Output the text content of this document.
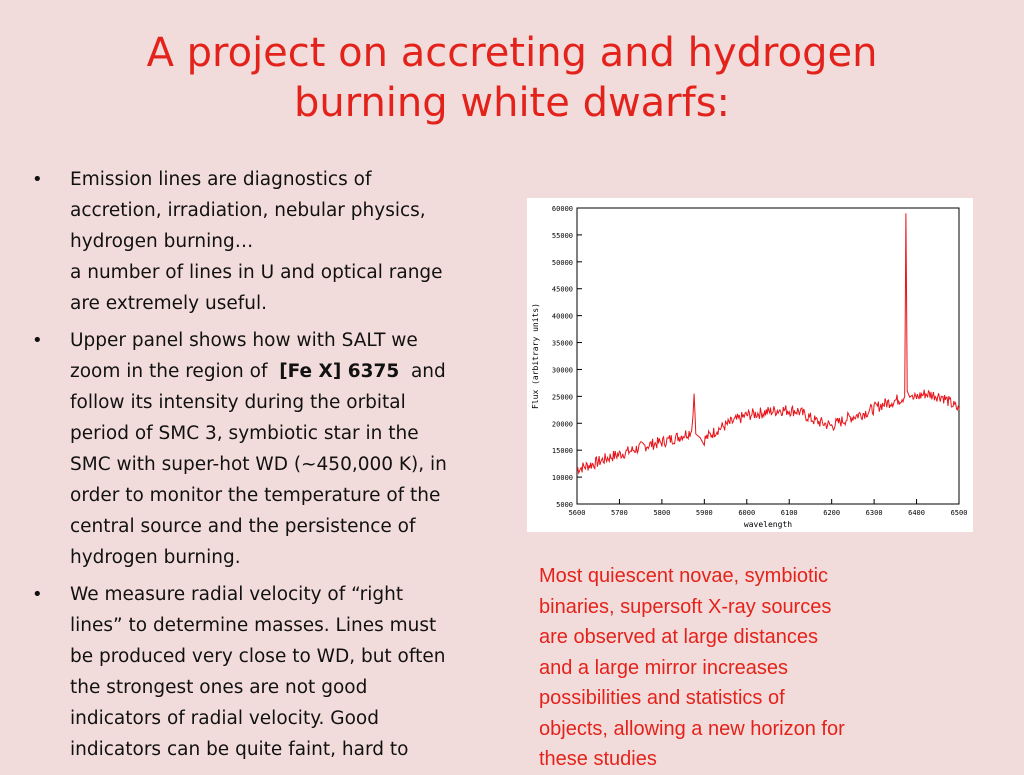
A project on accreting and hydrogen
burning white dwarfs:
• Emission lines are diagnostics of
accretion, irradiation, nebular physics,
hydrogen burning…
a number of lines in U and optical range
are extremely useful.
• Upper panel shows how with SALT we
zoom in the region of  [Fe X] 6375  and
follow its intensity during the orbital
period of SMC 3, symbiotic star in the
SMC with super-hot WD (~450,000 K), in
order to monitor the temperature of the
central source and the persistence of
hydrogen burning.
• We measure radial velocity of “right
lines” to determine masses. Lines must
be produced very close to WD, but often
the strongest ones are not good
indicators of radial velocity. Good
indicators can be quite faint, hard to
5000
10000
15000
20000
25000
30000
35000
40000
45000
50000
55000
60000
5600	5700	5800	5900	6000	6100	6200	6300	6400	6500
wavelength
Flux (arbitrary units)
Most quiescent novae, symbiotic
binaries, supersoft X-ray sources
are observed at large distances
and a large mirror increases
possibilities and statistics of
objects, allowing a new horizon for
these studies
